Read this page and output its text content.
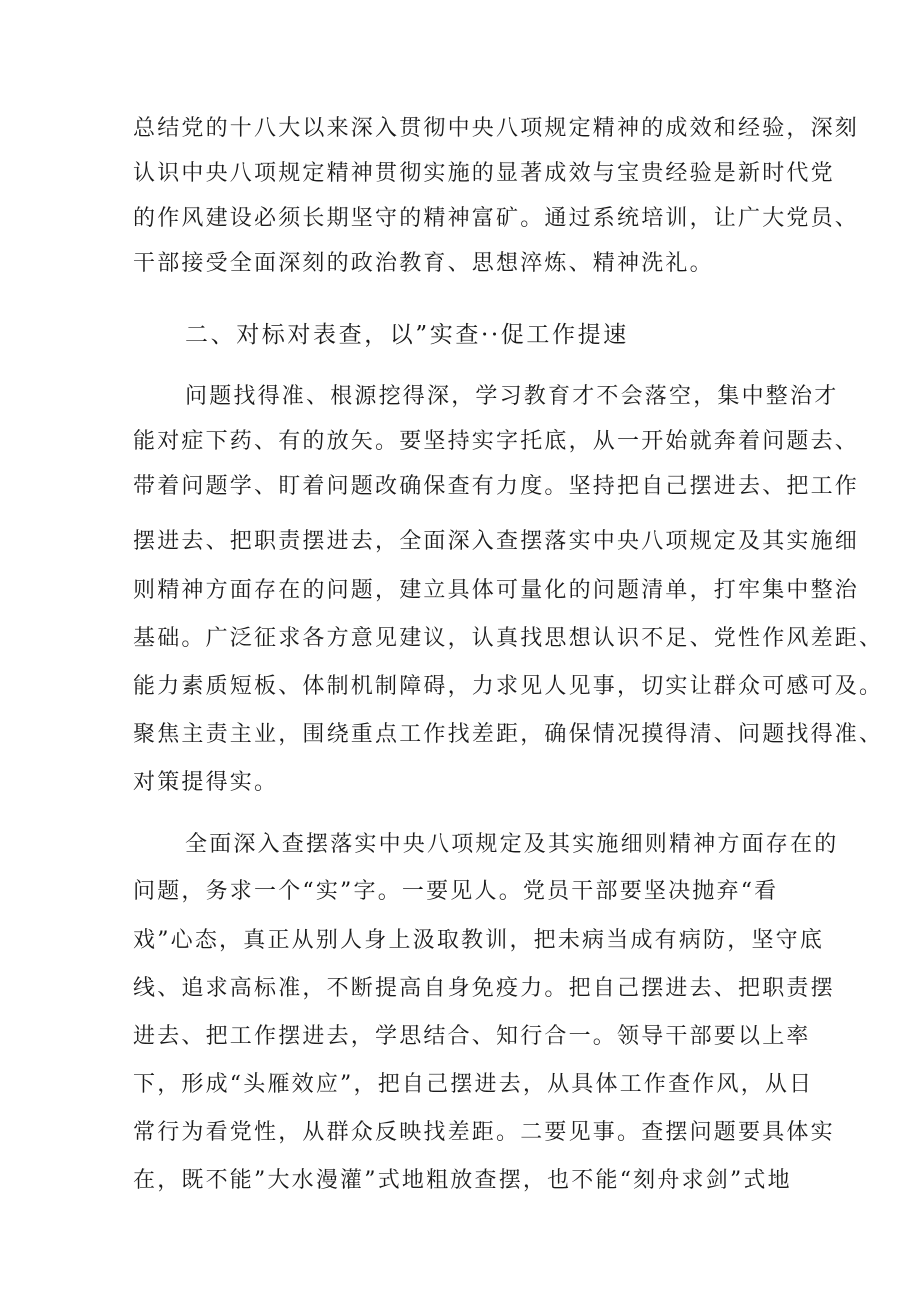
总结党的十八大以来深入贯彻中央八项规定精神的成效和经验，深刻
认识中央八项规定精神贯彻实施的显著成效与宝贵经验是新时代党
的作风建设必须长期坚守的精神富矿。通过系统培训，让广大党员、
干部接受全面深刻的政治教育、思想淬炼、精神洗礼。
二、对标对表查，以”实查··促工作提速
问题找得准、根源挖得深，学习教育才不会落空，集中整治才
能对症下药、有的放矢。要坚持实字托底，从一开始就奔着问题去、
带着问题学、盯着问题改确保查有力度。坚持把自己摆进去、把工作
摆进去、把职责摆进去，全面深入查摆落实中央八项规定及其实施细
则精神方面存在的问题，建立具体可量化的问题清单，打牢集中整治
基础。广泛征求各方意见建议，认真找思想认识不足、党性作风差距、
能力素质短板、体制机制障碍，力求见人见事，切实让群众可感可及。
聚焦主责主业，围绕重点工作找差距，确保情况摸得清、问题找得准、
对策提得实。
全面深入查摆落实中央八项规定及其实施细则精神方面存在的
问题，务求一个“实”字。一要见人。党员干部要坚决抛弃“看
戏”心态，真正从别人身上汲取教训，把未病当成有病防，坚守底
线、追求高标准，不断提高自身免疫力。把自己摆进去、把职责摆
进去、把工作摆进去，学思结合、知行合一。领导干部要以上率
下，形成“头雁效应”，把自己摆进去，从具体工作查作风，从日
常行为看党性，从群众反映找差距。二要见事。查摆问题要具体实
在，既不能”大水漫灌”式地粗放查摆，也不能“刻舟求剑”式地
